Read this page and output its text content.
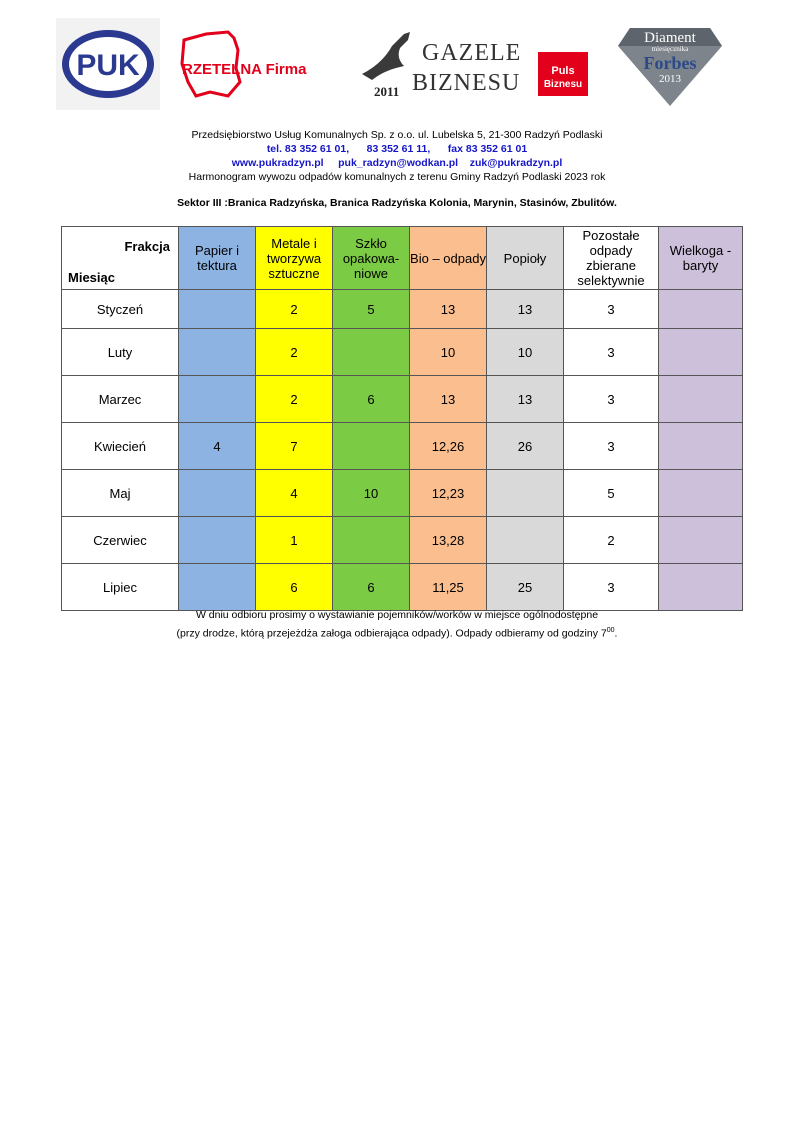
PUK	RZETELNA Firma
2011
GAZELE
BIZNESU	Puls
Biznesu
Diament
miesięcznika
Forbes
2013
Przedsiębiorstwo Usług Komunalnych Sp. z o.o. ul. Lubelska 5, 21-300 Radzyń Podlaski
tel. 83 352 61 01,      83 352 61 11,      fax 83 352 61 01
www.pukradzyn.pl     puk_radzyn@wodkan.pl    zuk@pukradzyn.pl
Harmonogram wywozu odpadów komunalnych z terenu Gminy Radzyń Podlaski 2023 rok
Sektor III :Branica Radzyńska, Branica Radzyńska Kolonia, Marynin, Stasinów, Zbulitów.
Frakcja
Miesiąc	Papier i tektura	Metale i tworzywa sztuczne	Szkło opakowa-niowe	Bio – odpady	Popioły	Pozostałe odpady zbierane selektywnie	Wielkoga - baryty
Styczeń		2	5	13	13	3	
Luty		2		10	10	3	
Marzec		2	6	13	13	3	
Kwiecień	4	7		12,26	26	3	
Maj		4	10	12,23		5	
Czerwiec		1		13,28		2	
Lipiec		6	6	11,25	25	3	
W dniu odbioru prosimy o wystawianie pojemników/worków w miejsce ogólnodostępne
(przy drodze, którą przejeżdża załoga odbierająca odpady). Odpady odbieramy od godziny $7^{00}$.
